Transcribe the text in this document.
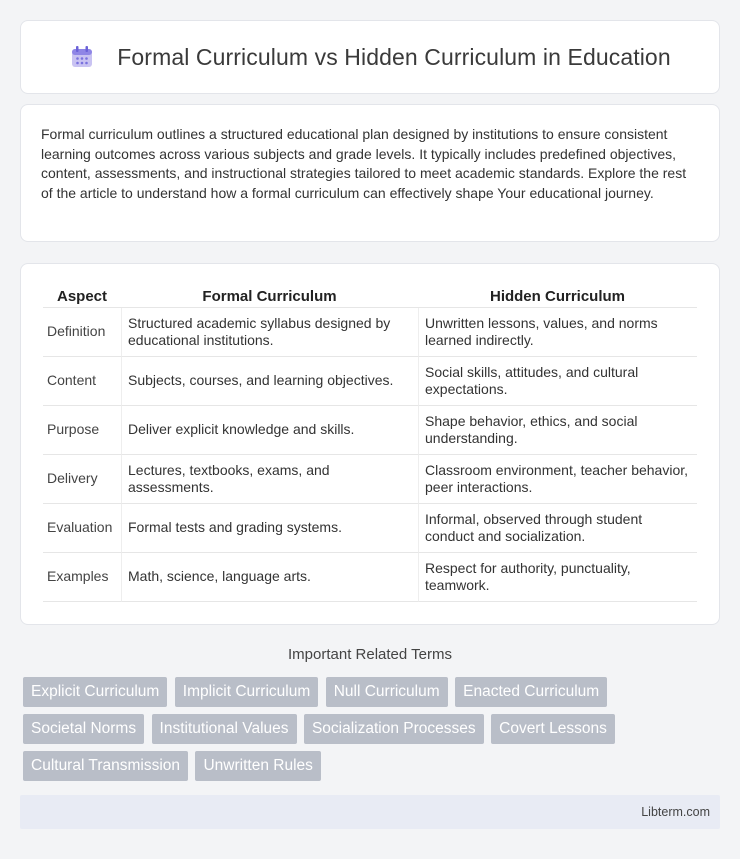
Formal Curriculum vs Hidden Curriculum in Education

Formal curriculum outlines a structured educational plan designed by institutions to ensure consistent learning outcomes across various subjects and grade levels. It typically includes predefined objectives, content, assessments, and instructional strategies tailored to meet academic standards. Explore the rest of the article to understand how a formal curriculum can effectively shape Your educational journey.

Aspect	Formal Curriculum	Hidden Curriculum
Definition	Structured academic syllabus designed by educational institutions.	Unwritten lessons, values, and norms learned indirectly.
Content	Subjects, courses, and learning objectives.	Social skills, attitudes, and cultural expectations.
Purpose	Deliver explicit knowledge and skills.	Shape behavior, ethics, and social understanding.
Delivery	Lectures, textbooks, exams, and assessments.	Classroom environment, teacher behavior, peer interactions.
Evaluation	Formal tests and grading systems.	Informal, observed through student conduct and socialization.
Examples	Math, science, language arts.	Respect for authority, punctuality, teamwork.
Important Related Terms
Explicit Curriculum Implicit Curriculum Null Curriculum Enacted Curriculum Societal Norms Institutional Values Socialization Processes Covert Lessons Cultural Transmission Unwritten Rules
Libterm.com
